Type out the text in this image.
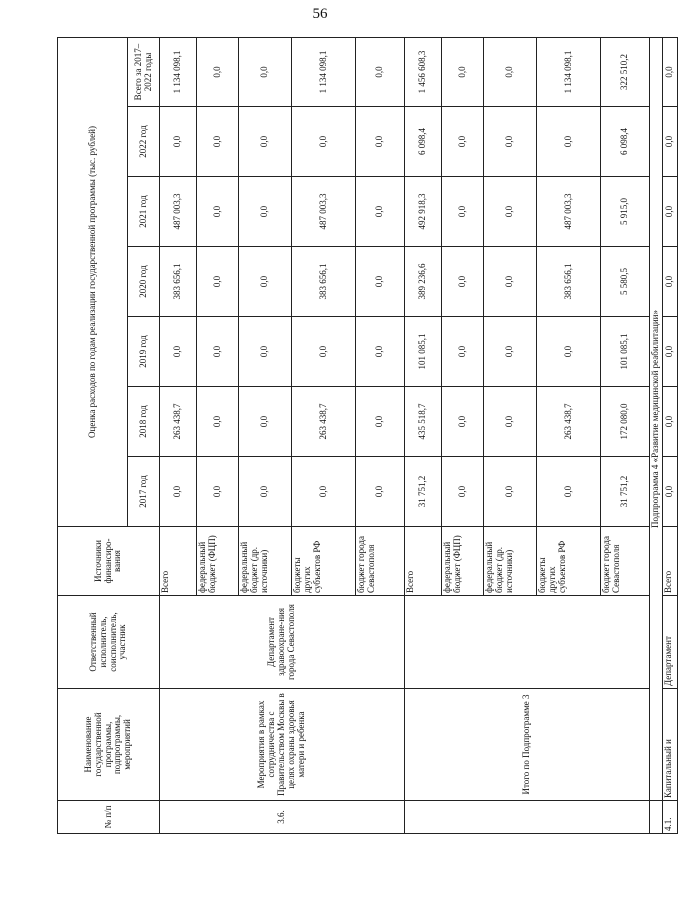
56
№ п/п	Наименование государственной программы, подпрограммы, мероприятий	Ответственный исполнитель, соисполнитель, участник	Источники финансиро-вания	Оценка расходов по годам реализации государственной программы (тыс. рублей)						
				2017 год	2018 год	2019 год	2020 год	2021 год	2022 год	Всего за 2017–2022 годы
3.6.	Мероприятия в рамках сотрудничества с Правительством Москвы в целях охраны здоровья матери и ребенка	Департамент здравоохране-ния города Севастополя	Всего	0,0	263 438,7	0,0	383 656,1	487 003,3	0,0	1 134 098,1
			федеральный бюджет (ФЦП)	0,0	0,0	0,0	0,0	0,0	0,0	0,0
			федеральный бюджет (др. источники)	0,0	0,0	0,0	0,0	0,0	0,0	0,0
			бюджеты других субъектов РФ	0,0	263 438,7	0,0	383 656,1	487 003,3	0,0	1 134 098,1
			бюджет города Севастополя	0,0	0,0	0,0	0,0	0,0	0,0	0,0
	Итого по Подпрограмме 3		Всего	31 751,2	435 518,7	101 085,1	389 236,6	492 918,3	6 098,4	1 456 608,3
			федеральный бюджет (ФЦП)	0,0	0,0	0,0	0,0	0,0	0,0	0,0
			федеральный бюджет (др. источники)	0,0	0,0	0,0	0,0	0,0	0,0	0,0
			бюджеты других субъектов РФ	0,0	263 438,7	0,0	383 656,1	487 003,3	0,0	1 134 098,1
			бюджет города Севастополя	31 751,2	172 080,0	101 085,1	5 580,5	5 915,0	6 098,4	322 510,2
	Подпрограмма 4 «Развитие медицинской реабилитации»									
4.1.	Капитальный и	Департамент	Всего	0,0	0,0	0,0	0,0	0,0	0,0	0,0
